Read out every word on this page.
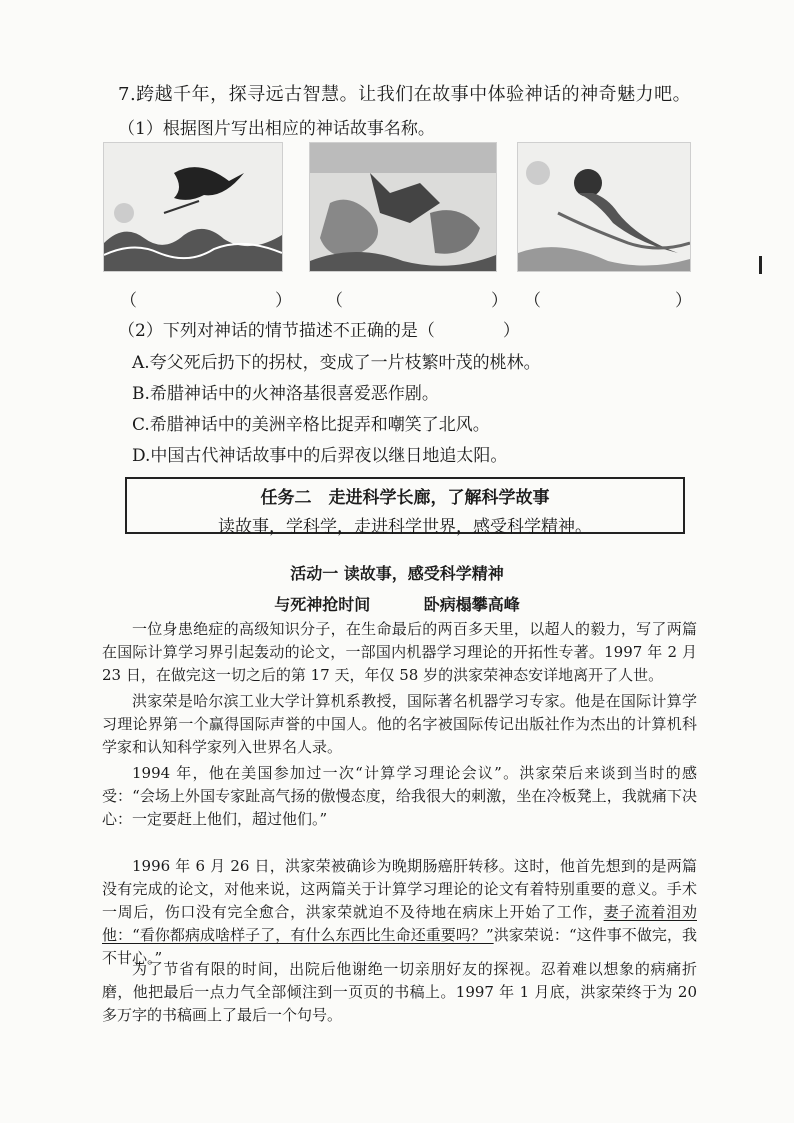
7.跨越千年，探寻远古智慧。让我们在故事中体验神话的神奇魅力吧。
（1）根据图片写出相应的神话故事名称。
（	） （	） （	）
（2）下列对神话的情节描述不正确的是（　　　　）
A.夸父死后扔下的拐杖，变成了一片枝繁叶茂的桃林。
B.希腊神话中的火神洛基很喜爱恶作剧。
C.希腊神话中的美洲辛格比捉弄和嘲笑了北风。
D.中国古代神话故事中的后羿夜以继日地追太阳。
任务二　走进科学长廊，了解科学故事
读故事，学科学，走进科学世界，感受科学精神。
活动一 读故事，感受科学精神
与死神抢时间	卧病榻攀高峰
一位身患绝症的高级知识分子，在生命最后的两百多天里，以超人的毅力，写了两篇在国际计算学习界引起轰动的论文，一部国内机器学习理论的开拓性专著。1997 年 2 月 23 日，在做完这一切之后的第 17 天，年仅 58 岁的洪家荣神态安详地离开了人世。
洪家荣是哈尔滨工业大学计算机系教授，国际著名机器学习专家。他是在国际计算学习理论界第一个赢得国际声誉的中国人。他的名字被国际传记出版社作为杰出的计算机科学家和认知科学家列入世界名人录。
1994 年，他在美国参加过一次“计算学习理论会议”。洪家荣后来谈到当时的感受：“会场上外国专家趾高气扬的傲慢态度，给我很大的刺激，坐在冷板凳上，我就痛下决心：一定要赶上他们，超过他们。”
1996 年 6 月 26 日，洪家荣被确诊为晚期肠癌肝转移。这时，他首先想到的是两篇没有完成的论文，对他来说，这两篇关于计算学习理论的论文有着特别重要的意义。手术一周后，伤口没有完全愈合，洪家荣就迫不及待地在病床上开始了工作，妻子流着泪劝他：“看你都病成啥样子了，有什么东西比生命还重要吗？”洪家荣说：“这件事不做完，我不甘心。”
为了节省有限的时间，出院后他谢绝一切亲朋好友的探视。忍着难以想象的病痛折磨，他把最后一点力气全部倾注到一页页的书稿上。1997 年 1 月底，洪家荣终于为 20 多万字的书稿画上了最后一个句号。
